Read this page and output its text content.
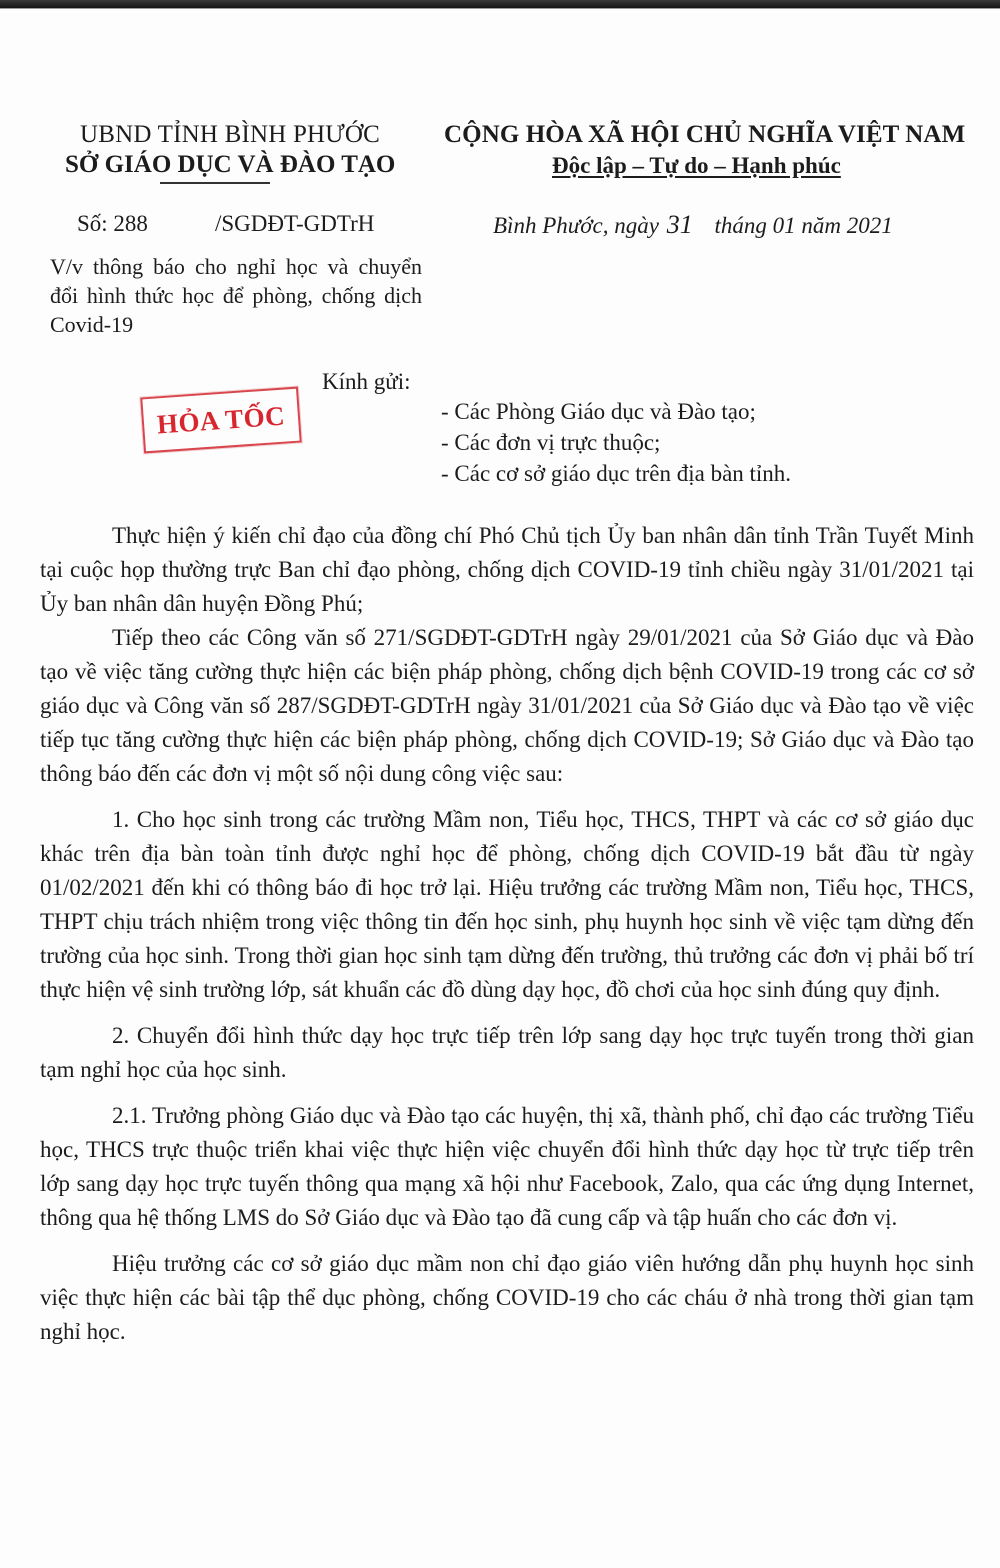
UBND TỈNH BÌNH PHƯỚC
SỞ GIÁO DỤC VÀ ĐÀO TẠO
CỘNG HÒA XÃ HỘI CHỦ NGHĨA VIỆT NAM
Độc lập – Tự do – Hạnh phúc
Số: 288	/SGDĐT-GDTrH	Bình Phước, ngày 31 tháng 01 năm 2021
V/v thông báo cho nghỉ học và chuyển đổi hình thức học để phòng, chống dịch Covid-19
HỎA TỐC
Kính gửi:
- Các Phòng Giáo dục và Đào tạo;
- Các đơn vị trực thuộc;
- Các cơ sở giáo dục trên địa bàn tỉnh.

Thực hiện ý kiến chỉ đạo của đồng chí Phó Chủ tịch Ủy ban nhân dân tỉnh Trần Tuyết Minh tại cuộc họp thường trực Ban chỉ đạo phòng, chống dịch COVID-19 tỉnh chiều ngày 31/01/2021 tại Ủy ban nhân dân huyện Đồng Phú;

Tiếp theo các Công văn số 271/SGDĐT-GDTrH ngày 29/01/2021 của Sở Giáo dục và Đào tạo về việc tăng cường thực hiện các biện pháp phòng, chống dịch bệnh COVID-19 trong các cơ sở giáo dục và Công văn số 287/SGDĐT-GDTrH ngày 31/01/2021 của Sở Giáo dục và Đào tạo về việc tiếp tục tăng cường thực hiện các biện pháp phòng, chống dịch COVID-19; Sở Giáo dục và Đào tạo thông báo đến các đơn vị một số nội dung công việc sau:

1. Cho học sinh trong các trường Mầm non, Tiểu học, THCS, THPT và các cơ sở giáo dục khác trên địa bàn toàn tỉnh được nghỉ học để phòng, chống dịch COVID-19 bắt đầu từ ngày 01/02/2021 đến khi có thông báo đi học trở lại. Hiệu trưởng các trường Mầm non, Tiểu học, THCS, THPT chịu trách nhiệm trong việc thông tin đến học sinh, phụ huynh học sinh về việc tạm dừng đến trường của học sinh. Trong thời gian học sinh tạm dừng đến trường, thủ trưởng các đơn vị phải bố trí thực hiện vệ sinh trường lớp, sát khuẩn các đồ dùng dạy học, đồ chơi của học sinh đúng quy định.

2. Chuyển đổi hình thức dạy học trực tiếp trên lớp sang dạy học trực tuyến trong thời gian tạm nghỉ học của học sinh.

2.1. Trưởng phòng Giáo dục và Đào tạo các huyện, thị xã, thành phố, chỉ đạo các trường Tiểu học, THCS trực thuộc triển khai việc thực hiện việc chuyển đổi hình thức dạy học từ trực tiếp trên lớp sang dạy học trực tuyến thông qua mạng xã hội như Facebook, Zalo, qua các ứng dụng Internet, thông qua hệ thống LMS do Sở Giáo dục và Đào tạo đã cung cấp và tập huấn cho các đơn vị.

Hiệu trưởng các cơ sở giáo dục mầm non chỉ đạo giáo viên hướng dẫn phụ huynh học sinh việc thực hiện các bài tập thể dục phòng, chống COVID-19 cho các cháu ở nhà trong thời gian tạm nghỉ học.
